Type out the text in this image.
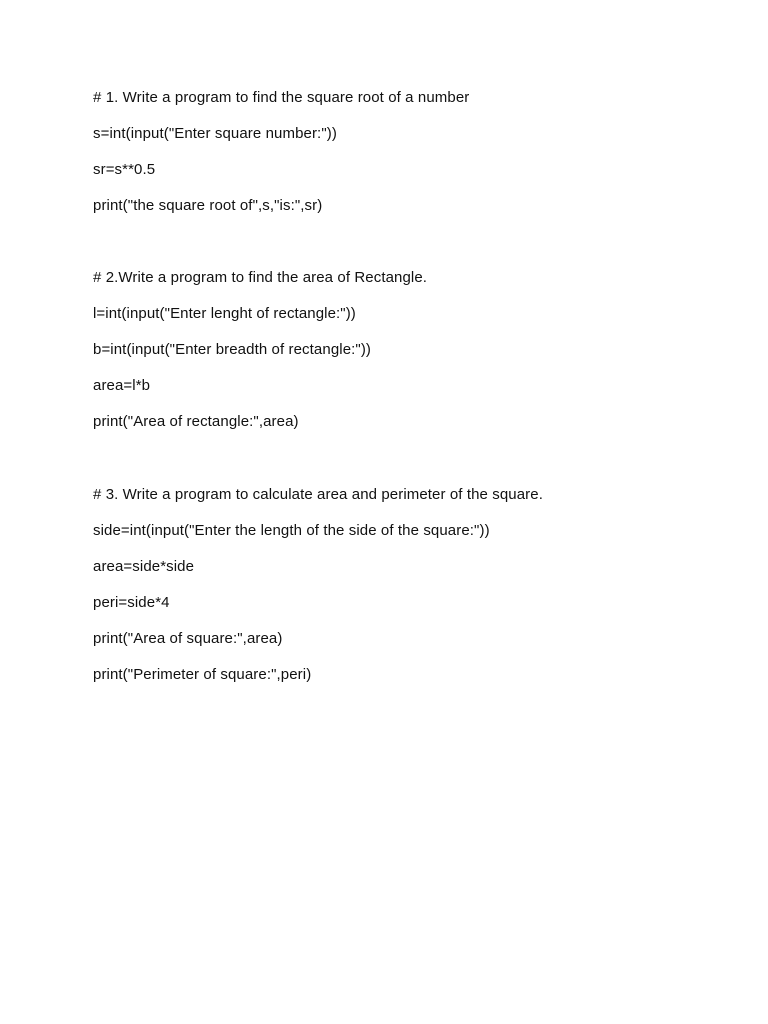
# 1. Write a program to find the square root of a number
s=int(input("Enter square number:"))
sr=s**0.5
print("the square root of",s,"is:",sr)
# 2.Write a program to find the area of Rectangle.
l=int(input("Enter lenght of rectangle:"))
b=int(input("Enter breadth of rectangle:"))
area=l*b
print("Area of rectangle:",area)
# 3. Write a program to calculate area and perimeter of the square.
side=int(input("Enter the length of the side of the square:"))
area=side*side
peri=side*4
print("Area of square:",area)
print("Perimeter of square:",peri)
